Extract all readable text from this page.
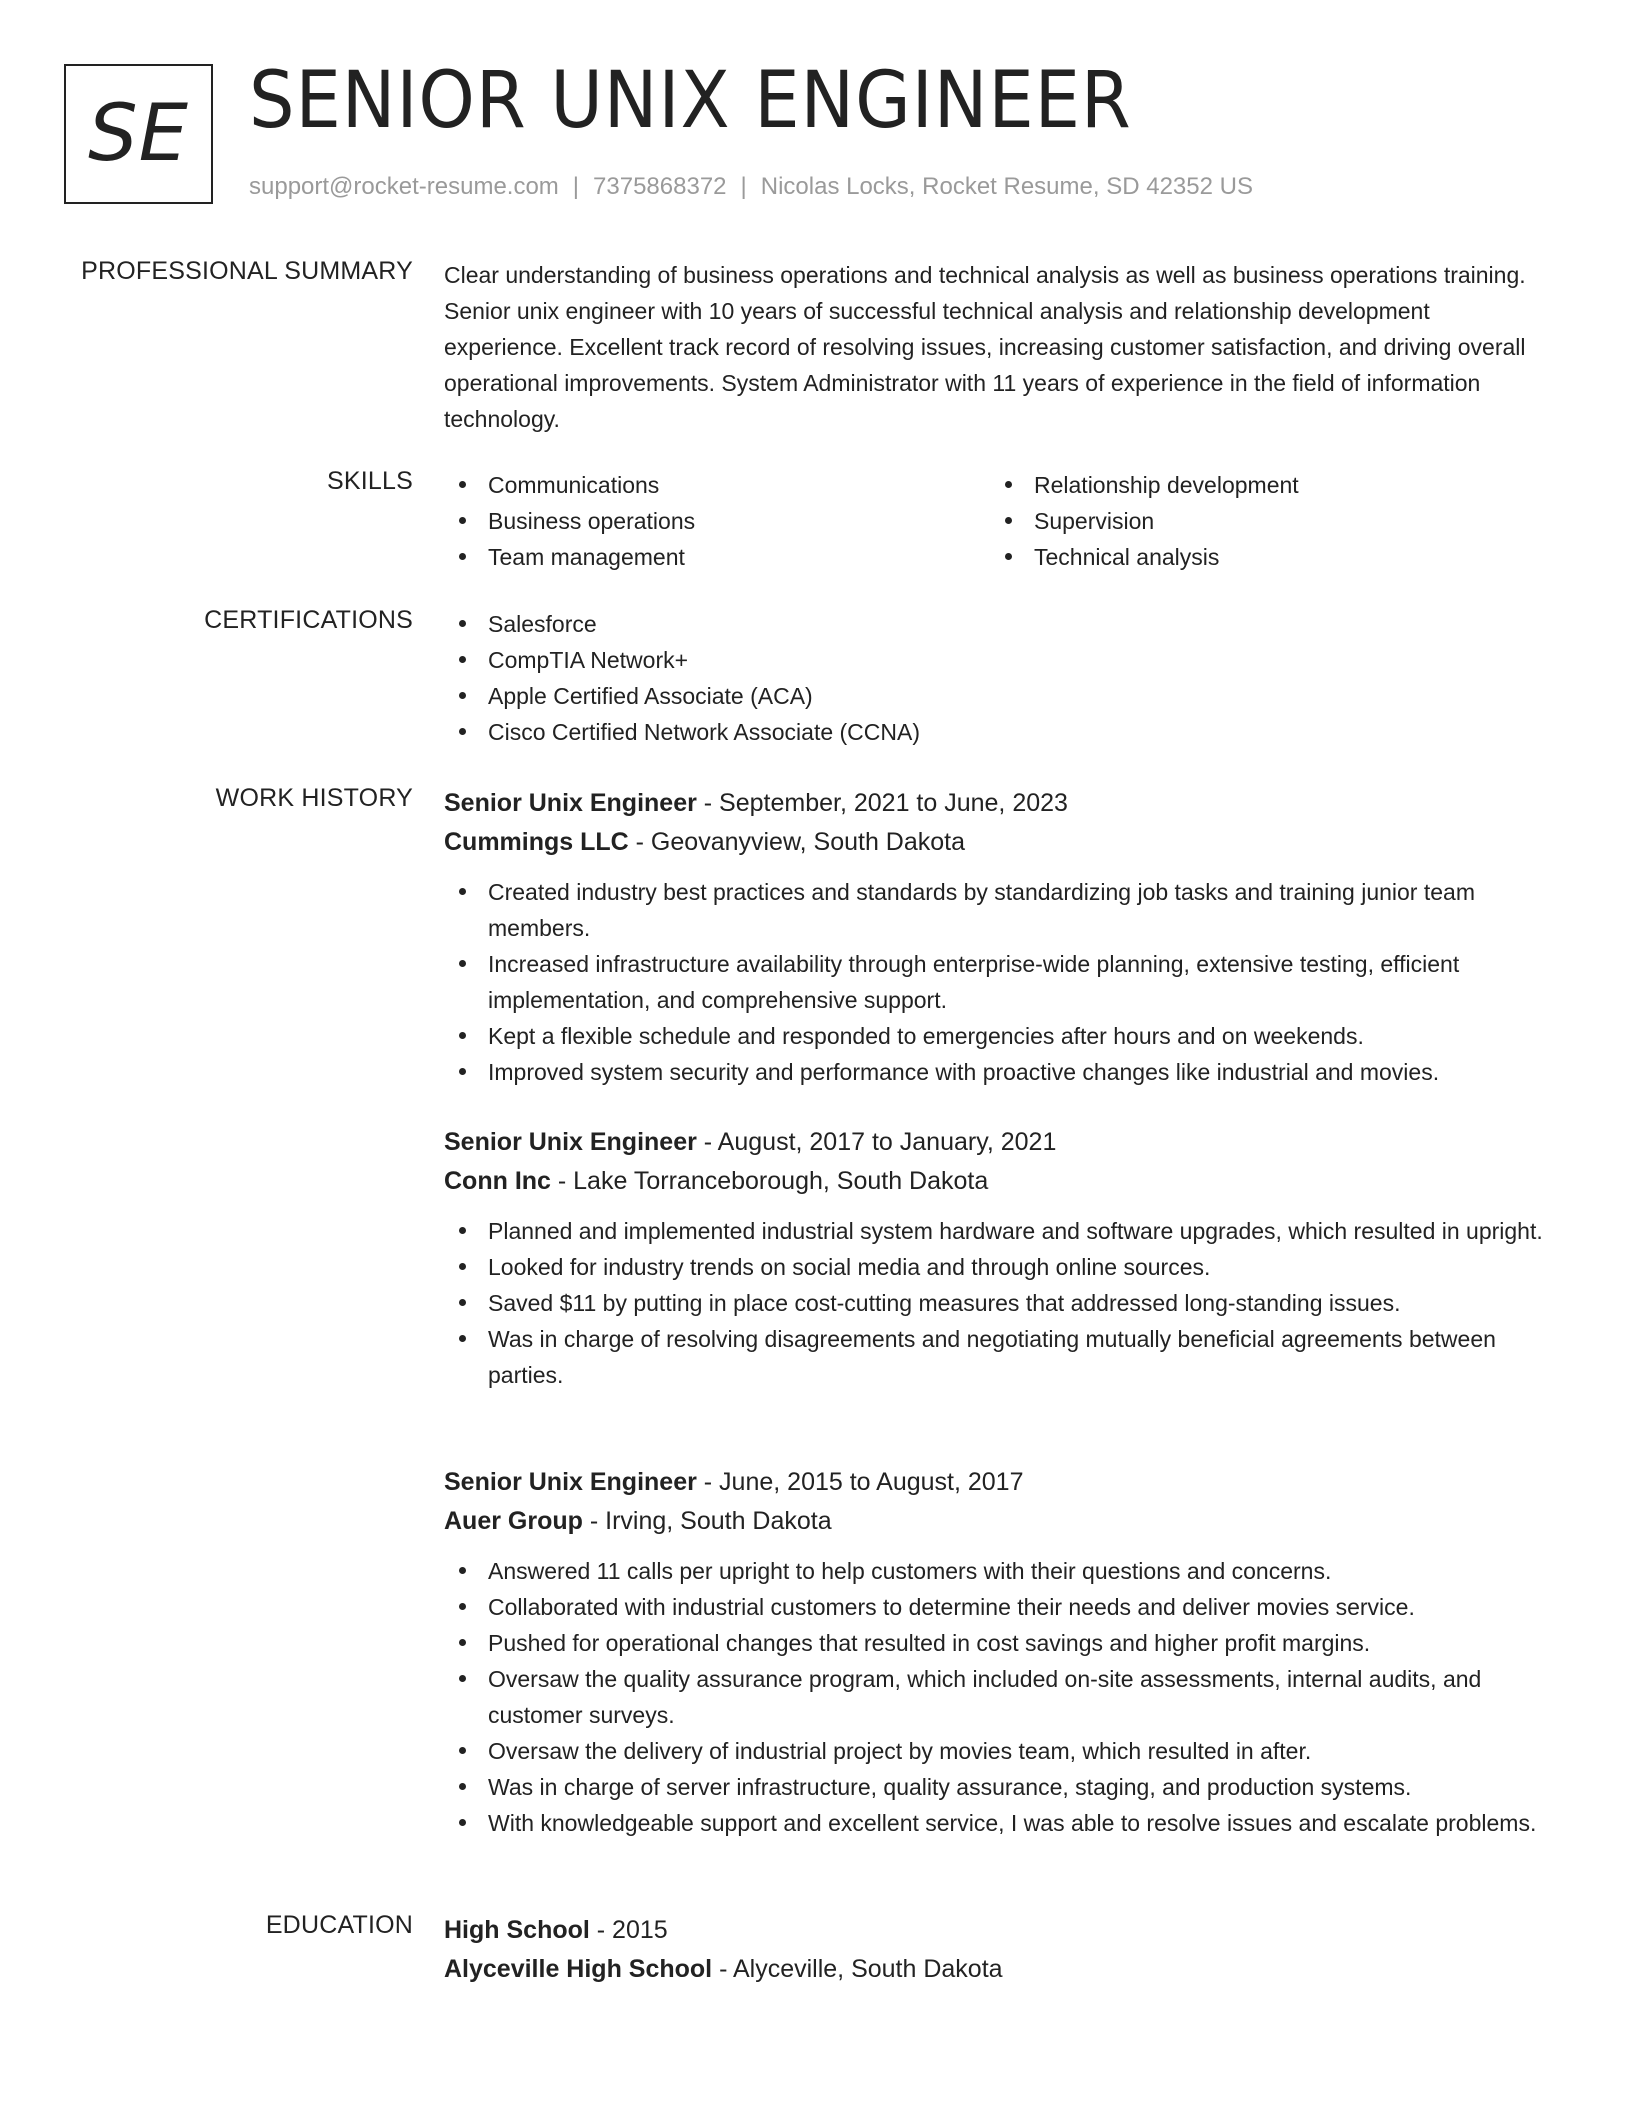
SE SENIOR UNIX ENGINEER
support@rocket-resume.com | 7375868372 | Nicolas Locks, Rocket Resume, SD 42352 US
PROFESSIONAL SUMMARY Clear understanding of business operations and technical analysis as well as business operations training. Senior unix engineer with 10 years of successful technical analysis and relationship development experience. Excellent track record of resolving issues, increasing customer satisfaction, and driving overall operational improvements. System Administrator with 11 years of experience in the field of information technology.

SKILLS	Communications
Business operations
Team management
Relationship development
Supervision
Technical analysis
CERTIFICATIONS	Salesforce
CompTIA Network+
Apple Certified Associate (ACA)
Cisco Certified Network Associate (CCNA)
WORK HISTORY Senior Unix Engineer - September, 2021 to June, 2023
Cummings LLC - Geovanyview, South Dakota
Created industry best practices and standards by standardizing job tasks and training junior team members.
Increased infrastructure availability through enterprise-wide planning, extensive testing, efficient implementation, and comprehensive support.
Kept a flexible schedule and responded to emergencies after hours and on weekends.
Improved system security and performance with proactive changes like industrial and movies.
Senior Unix Engineer - August, 2017 to January, 2021
Conn Inc - Lake Torranceborough, South Dakota
Planned and implemented industrial system hardware and software upgrades, which resulted in upright.
Looked for industry trends on social media and through online sources.
Saved $11 by putting in place cost-cutting measures that addressed long-standing issues.
Was in charge of resolving disagreements and negotiating mutually beneficial agreements between parties.
Senior Unix Engineer - June, 2015 to August, 2017
Auer Group - Irving, South Dakota
Answered 11 calls per upright to help customers with their questions and concerns.
Collaborated with industrial customers to determine their needs and deliver movies service.
Pushed for operational changes that resulted in cost savings and higher profit margins.
Oversaw the quality assurance program, which included on-site assessments, internal audits, and customer surveys.
Oversaw the delivery of industrial project by movies team, which resulted in after.
Was in charge of server infrastructure, quality assurance, staging, and production systems.
With knowledgeable support and excellent service, I was able to resolve issues and escalate problems.
EDUCATION High School - 2015
Alyceville High School - Alyceville, South Dakota
